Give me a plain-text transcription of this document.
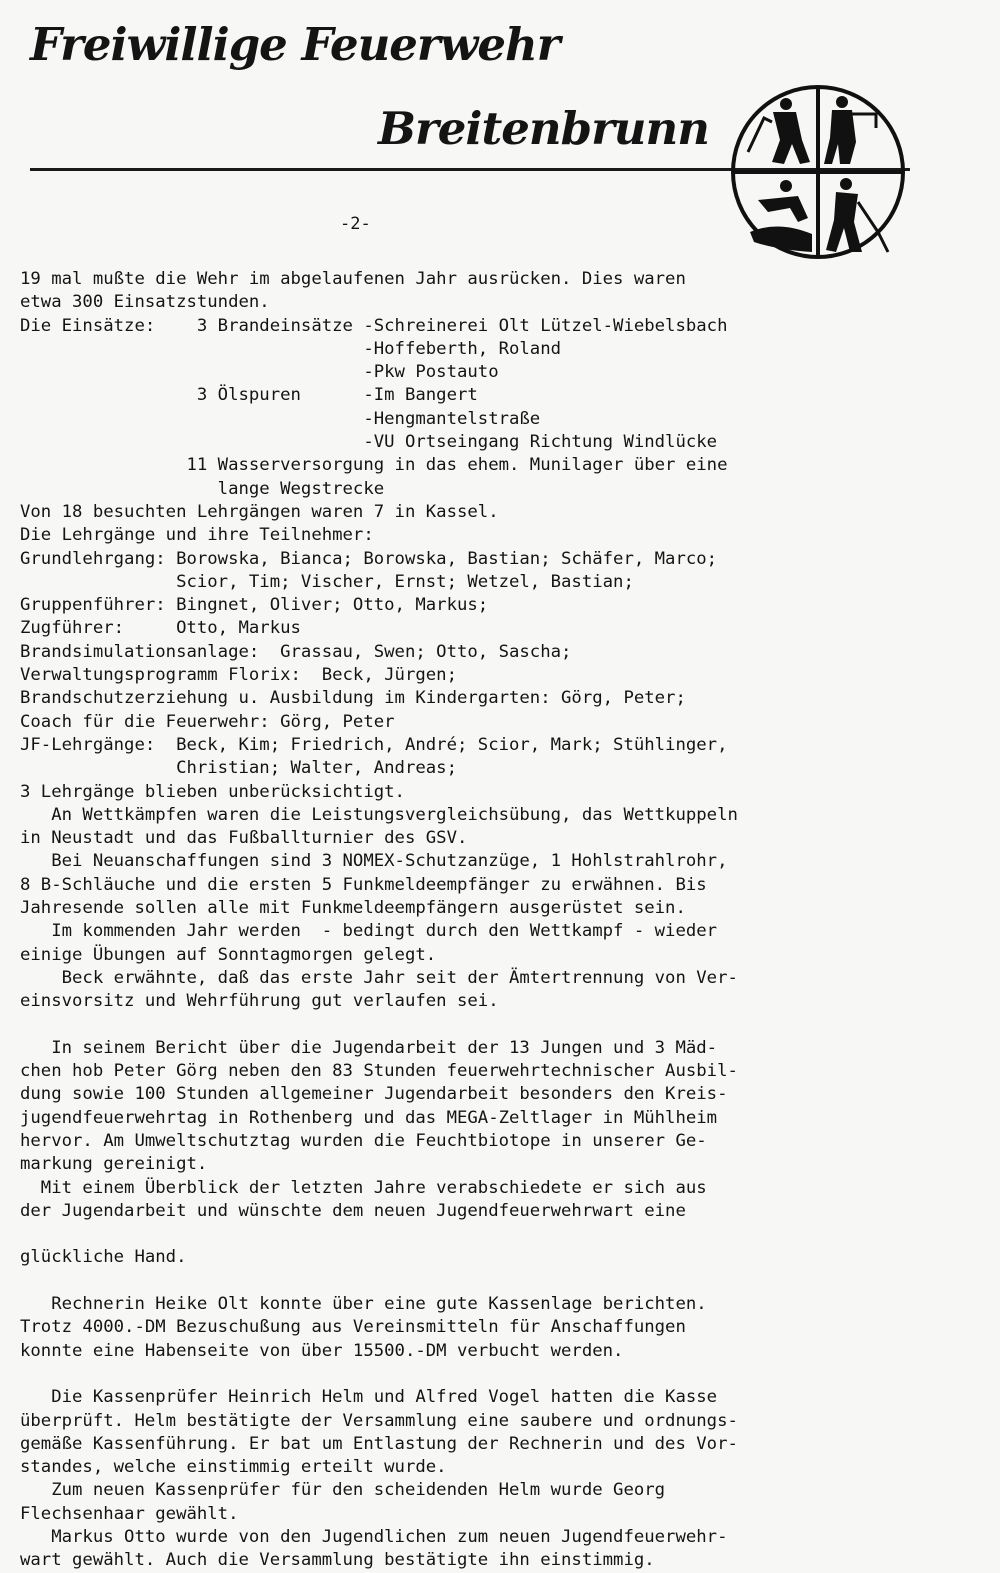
Freiwillige Feuerwehr
Breitenbrunn
-2-
19 mal mußte die Wehr im abgelaufenen Jahr ausrücken. Dies waren
etwa 300 Einsatzstunden.
Die Einsätze:    3 Brandeinsätze -Schreinerei Olt Lützel-Wiebelsbach
-Hoffeberth, Roland
-Pkw Postauto
3 Ölspuren      -Im Bangert
-Hengmantelstraße
-VU Ortseingang Richtung Windlücke
11 Wasserversorgung in das ehem. Munilager über eine
lange Wegstrecke
Von 18 besuchten Lehrgängen waren 7 in Kassel.
Die Lehrgänge und ihre Teilnehmer:
Grundlehrgang: Borowska, Bianca; Borowska, Bastian; Schäfer, Marco;
Scior, Tim; Vischer, Ernst; Wetzel, Bastian;
Gruppenführer: Bingnet, Oliver; Otto, Markus;
Zugführer:     Otto, Markus
Brandsimulationsanlage:  Grassau, Swen; Otto, Sascha;
Verwaltungsprogramm Florix:  Beck, Jürgen;
Brandschutzerziehung u. Ausbildung im Kindergarten: Görg, Peter;
Coach für die Feuerwehr: Görg, Peter
JF-Lehrgänge:  Beck, Kim; Friedrich, André; Scior, Mark; Stühlinger,
Christian; Walter, Andreas;
3 Lehrgänge blieben unberücksichtigt.
An Wettkämpfen waren die Leistungsvergleichsübung, das Wettkuppeln
in Neustadt und das Fußballturnier des GSV.
Bei Neuanschaffungen sind 3 NOMEX-Schutzanzüge, 1 Hohlstrahlrohr,
8 B-Schläuche und die ersten 5 Funkmeldeempfänger zu erwähnen. Bis
Jahresende sollen alle mit Funkmeldeempfängern ausgerüstet sein.
Im kommenden Jahr werden  - bedingt durch den Wettkampf - wieder
einige Übungen auf Sonntagmorgen gelegt.
Beck erwähnte, daß das erste Jahr seit der Ämtertrennung von Ver-
einsvorsitz und Wehrführung gut verlaufen sei.
In seinem Bericht über die Jugendarbeit der 13 Jungen und 3 Mäd-
chen hob Peter Görg neben den 83 Stunden feuerwehrtechnischer Ausbil-
dung sowie 100 Stunden allgemeiner Jugendarbeit besonders den Kreis-
jugendfeuerwehrtag in Rothenberg und das MEGA-Zeltlager in Mühlheim
hervor. Am Umweltschutztag wurden die Feuchtbiotope in unserer Ge-
markung gereinigt.
Mit einem Überblick der letzten Jahre verabschiedete er sich aus
der Jugendarbeit und wünschte dem neuen Jugendfeuerwehrwart eine
glückliche Hand.
Rechnerin Heike Olt konnte über eine gute Kassenlage berichten.
Trotz 4000.-DM Bezuschußung aus Vereinsmitteln für Anschaffungen
konnte eine Habenseite von über 15500.-DM verbucht werden.
Die Kassenprüfer Heinrich Helm und Alfred Vogel hatten die Kasse
überprüft. Helm bestätigte der Versammlung eine saubere und ordnungs-
gemäße Kassenführung. Er bat um Entlastung der Rechnerin und des Vor-
standes, welche einstimmig erteilt wurde.
Zum neuen Kassenprüfer für den scheidenden Helm wurde Georg
Flechsenhaar gewählt.
Markus Otto wurde von den Jugendlichen zum neuen Jugendfeuerwehr-
wart gewählt. Auch die Versammlung bestätigte ihn einstimmig.
